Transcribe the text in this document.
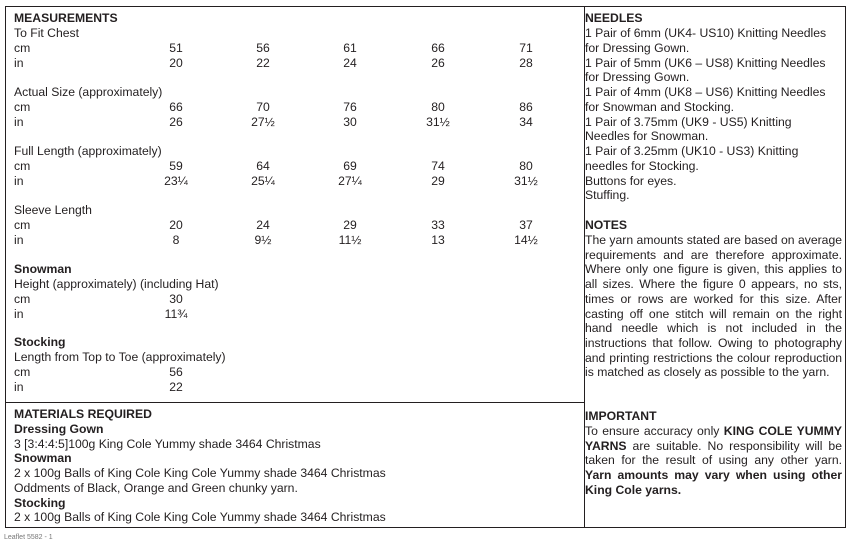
MEASUREMENTS
To Fit Chest
cm	51	56	61	66	71
in	20	22	24	26	28
Actual Size (approximately)
cm	66	70	76	80	86
in	26	27½	30	31½	34
Full Length (approximately)
cm	59	64	69	74	80
in	23¼	25¼	27¼	29	31½
Sleeve Length
cm	20	24	29	33	37
in	8	9½	11½	13	14½
Snowman
Height (approximately) (including Hat)
cm	30
in	11¾
Stocking
Length from Top to Toe (approximately)
cm	56
in	22
MATERIALS REQUIRED
Dressing Gown
3 [3:4:4:5]100g King Cole Yummy shade 3464 Christmas
Snowman
2 x 100g Balls of King Cole King Cole Yummy shade 3464 Christmas
Oddments of Black, Orange and Green chunky yarn.
Stocking
2 x 100g Balls of King Cole King Cole Yummy shade 3464 Christmas
NEEDLES
1 Pair of 6mm (UK4- US10) Knitting Needles
for Dressing Gown.
1 Pair of 5mm (UK6 – US8) Knitting Needles
for Dressing Gown.
1 Pair of 4mm (UK8 – US6) Knitting Needles
for Snowman and Stocking.
1 Pair of 3.75mm (UK9 - US5) Knitting
Needles for Snowman.
1 Pair of 3.25mm (UK10 - US3) Knitting
needles for Stocking.
Buttons for eyes.
Stuffing.
NOTES
The yarn amounts stated are based on average requirements and are therefore approximate. Where only one figure is given, this applies to all sizes. Where the figure 0 appears, no sts, times or rows are worked for this size. After casting off one stitch will remain on the right hand needle which is not included in the instructions that follow. Owing to photography and printing restrictions the colour reproduction is matched as closely as possible to the yarn.
IMPORTANT
To ensure accuracy only KING COLE YUMMY YARNS are suitable. No responsibility will be taken for the result of using any other yarn. Yarn amounts may vary when using other King Cole yarns.
Leaflet 5582 - 1
